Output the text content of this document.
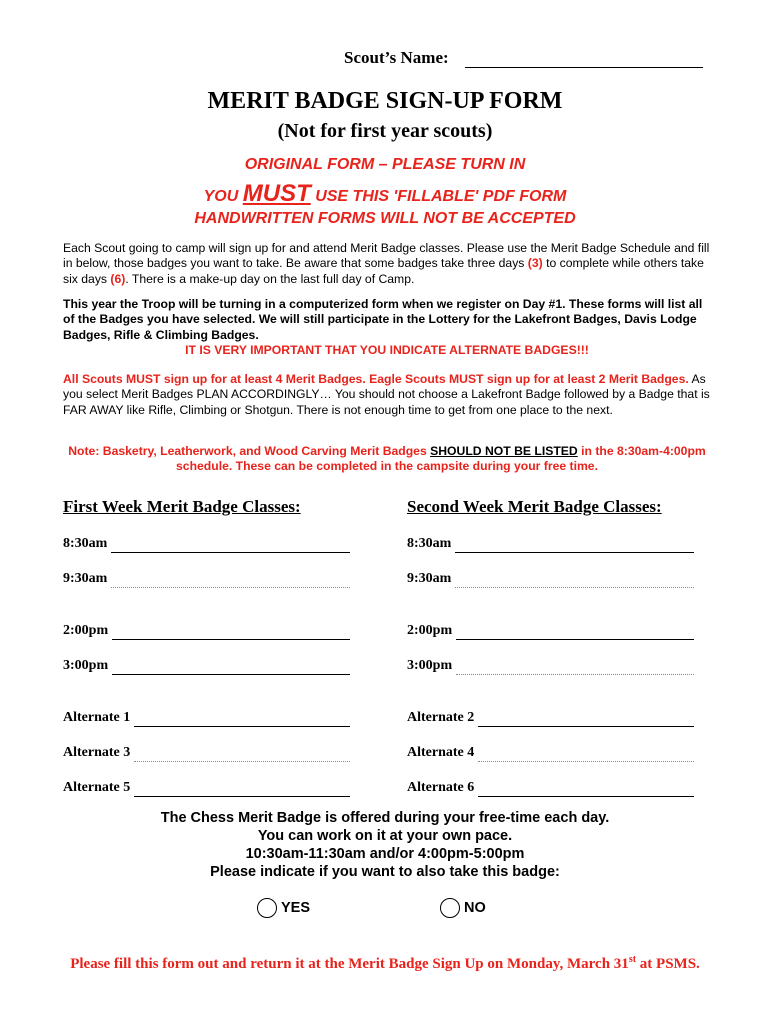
Scout’s Name:
MERIT BADGE SIGN-UP FORM
(Not for first year scouts)
ORIGINAL FORM – PLEASE TURN IN
YOU MUST USE THIS 'FILLABLE' PDF FORM
HANDWRITTEN FORMS WILL NOT BE ACCEPTED
Each Scout going to camp will sign up for and attend Merit Badge classes. Please use the Merit Badge Schedule and fill in below, those badges you want to take. Be aware that some badges take three days (3) to complete while others take six days (6). There is a make-up day on the last full day of Camp.
This year the Troop will be turning in a computerized form when we register on Day #1. These forms will list all of the Badges you have selected. We will still participate in the Lottery for the Lakefront Badges, Davis Lodge Badges, Rifle & Climbing Badges.
IT IS VERY IMPORTANT THAT YOU INDICATE ALTERNATE BADGES!!!
All Scouts MUST sign up for at least 4 Merit Badges. Eagle Scouts MUST sign up for at least 2 Merit Badges. As you select Merit Badges PLAN ACCORDINGLY… You should not choose a Lakefront Badge followed by a Badge that is FAR AWAY like Rifle, Climbing or Shotgun. There is not enough time to get from one place to the next.
Note: Basketry, Leatherwork, and Wood Carving Merit Badges SHOULD NOT BE LISTED in the 8:30am-4:00pm schedule. These can be completed in the campsite during your free time.
First Week Merit Badge Classes:	Second Week Merit Badge Classes:
8:30am
9:30am
2:00pm
3:00pm
Alternate 1
Alternate 3
Alternate 5
8:30am
9:30am
2:00pm
3:00pm
Alternate 2
Alternate 4
Alternate 6
The Chess Merit Badge is offered during your free-time each day.
You can work on it at your own pace.
10:30am-11:30am and/or 4:00pm-5:00pm
Please indicate if you want to also take this badge:
YES	NO
Please fill this form out and return it at the Merit Badge Sign Up on Monday, March 31st at PSMS.
